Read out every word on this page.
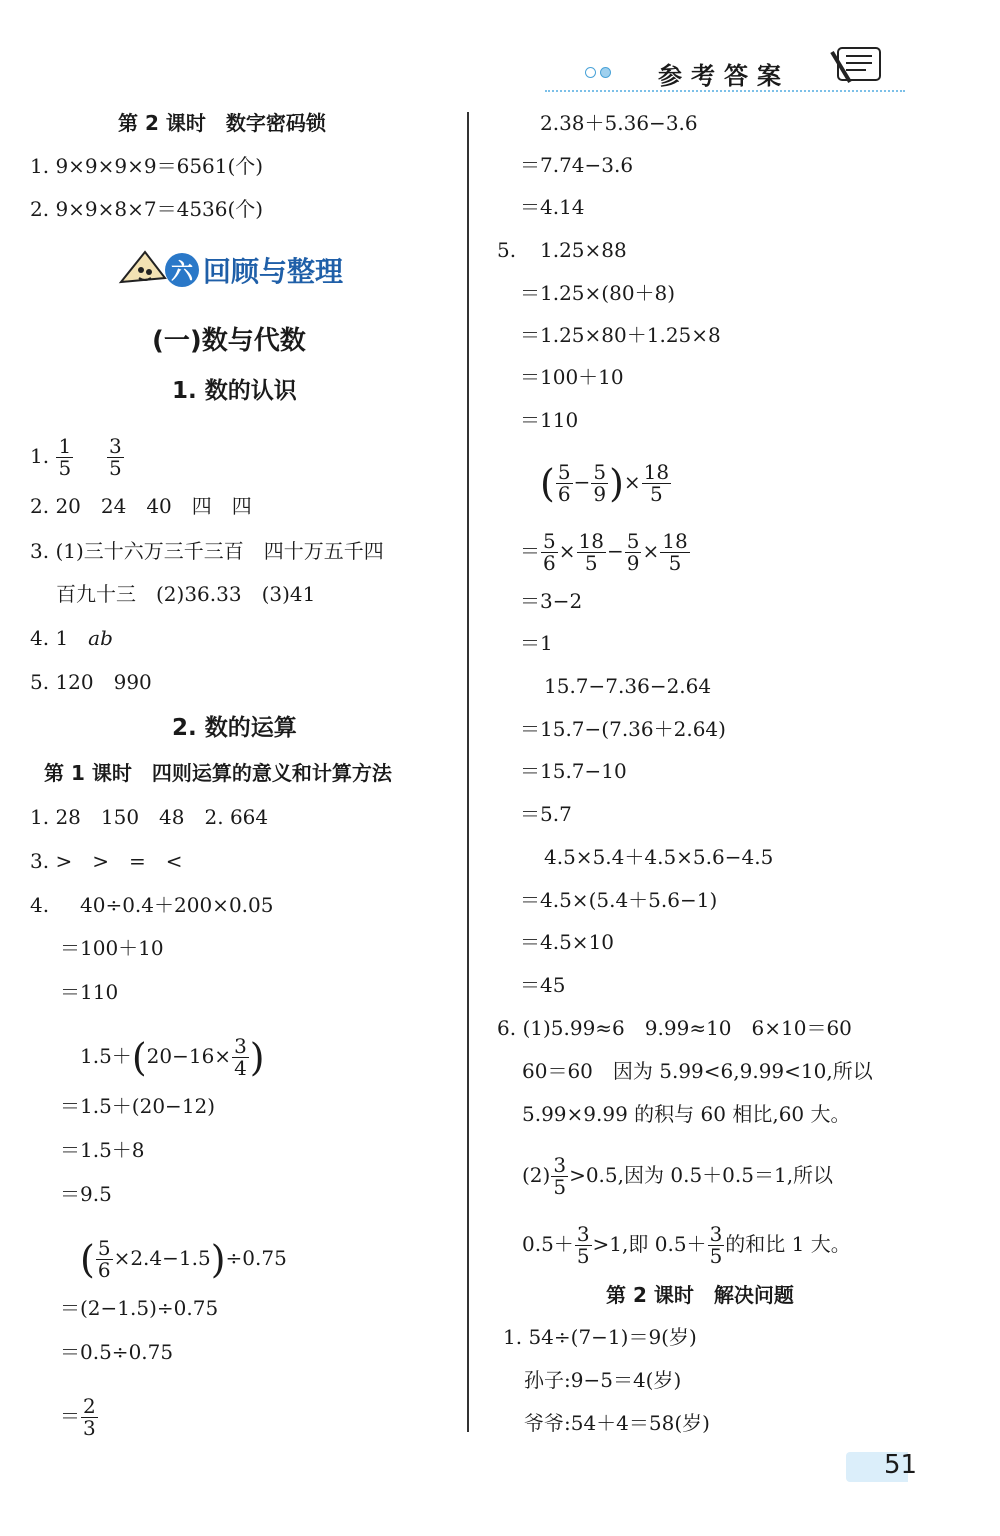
参考答案
第 2 课时　数字密码锁
1. 9×9×9×9＝6561(个)
2. 9×9×8×7＝4536(个)
六 回顾与整理
(一)数与代数
1. 数的认识
1. $\frac{1}{5}$
$\frac{3}{5}$
2. 20　24　40　四　四
3. (1)三十六万三千三百　四十万五千四
百九十三　(2)36.33　(3)41
4. 1　ab
5. 120　990
2. 数的运算
第 1 课时　四则运算的意义和计算方法
1. 28　150　48　2. 664
3. >　>　=　<
4. 40÷0.4＋200×0.05
＝100＋10
＝110
$1.5+(20-16\times \frac{3}{4}$ )
＝1.5＋(20−12)
＝1.5＋8
＝9.5
( $\frac{5}{6} \times 2.4-1.5)\div 0.75$
＝(2−1.5)÷0.75
＝0.5÷0.75
＝ $\frac{2}{3}$
2.38＋5.36−3.6
＝7.74−3.6
＝4.14
5. 1.25×88
＝1.25×(80＋8)
＝1.25×80＋1.25×8
＝100＋10
＝110
( $\frac{5}{6} - \frac{5}{9}$ )× $\frac{18}{5}$
＝ $\frac{5}{6} \times \frac{18}{5} - \frac{5}{9} \times \frac{18}{5}$
＝3−2
＝1
15.7−7.36−2.64
＝15.7−(7.36＋2.64)
＝15.7−10
＝5.7
4.5×5.4＋4.5×5.6−4.5
＝4.5×(5.4＋5.6−1)
＝4.5×10
＝45
6. (1)5.99≈6　9.99≈10　6×10＝60
60＝60　因为 5.99<6,9.99<10,所以
5.99×9.99 的积与 60 相比,60 大。
$(2) \frac{3}{5} >0.5$,因为 0.5＋0.5＝1,所以
$0.5+ \frac{3}{5} >1$,即 $0.5+ \frac{3}{5}$ 的和比 1 大。
第 2 课时　解决问题
1. 54÷(7−1)＝9(岁)
孙子:9−5＝4(岁)
爷爷:54＋4＝58(岁)
51
